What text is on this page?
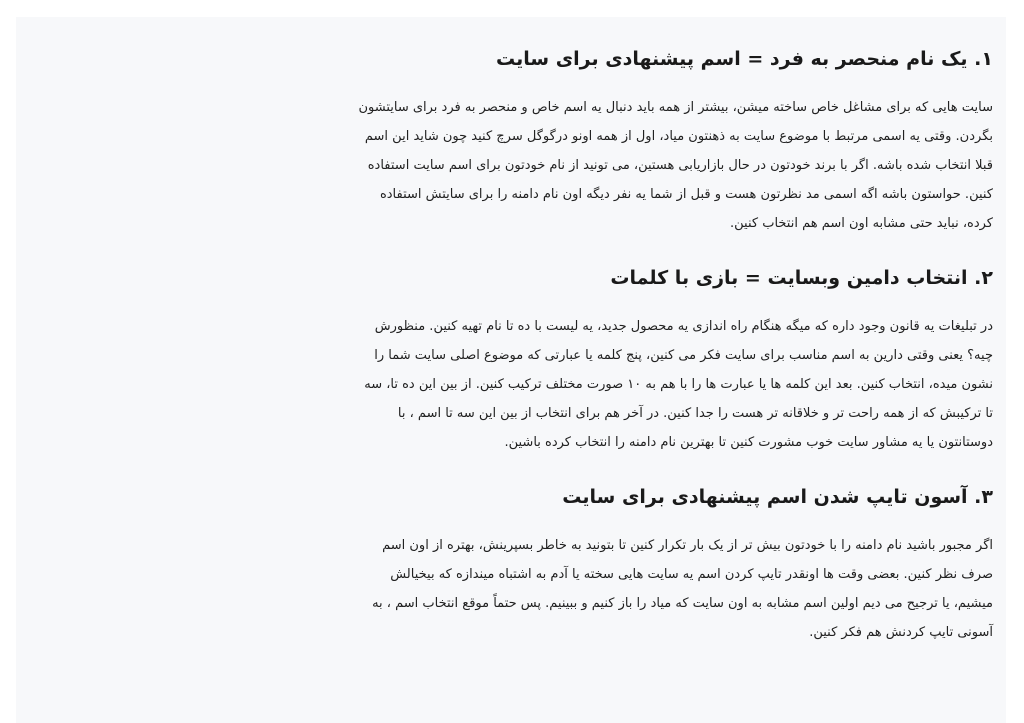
۱. یک نام منحصر به فرد = اسم پیشنهادی برای سایت

سایت هایی که برای مشاغل خاص ساخته میشن، بیشتر از همه باید دنبال یه اسم خاص و منحصر به فرد برای سایتشون بگردن. وقتی یه اسمی مرتبط با موضوع سایت به ذهنتون میاد، اول از همه اونو درگوگل سرچ کنید چون شاید این اسم قبلا انتخاب شده باشه. اگر با برند خودتون در حال بازاریابی هستین، می تونید از نام خودتون برای اسم سایت استفاده کنین. حواستون باشه اگه اسمی مد نظرتون هست و قبل از شما یه نفر دیگه اون نام دامنه را برای سایتش استفاده کرده، نباید حتی مشابه اون اسم هم انتخاب کنین.

۲. انتخاب دامین وبسایت = بازی با کلمات

در تبلیغات یه قانون وجود داره که میگه هنگام راه اندازی یه محصول جدید، یه لیست با ده تا نام تهیه کنین. منظورش چیه؟ یعنی وقتی دارین به اسم مناسب برای سایت فکر می کنین، پنج کلمه یا عبارتی که موضوع اصلی سایت شما را نشون میده، انتخاب کنین. بعد این کلمه ها یا عبارت ها را با هم به ۱۰ صورت مختلف ترکیب کنین. از بین این ده تا، سه تا ترکیبش که از همه راحت تر و خلاقانه تر هست را جدا کنین. در آخر هم برای انتخاب از بین این سه تا اسم ، با دوستانتون یا یه مشاور سایت خوب مشورت کنین تا بهترین نام دامنه را انتخاب کرده باشین.

۳. آسون تایپ شدن اسم پیشنهادی برای سایت

اگر مجبور باشید نام دامنه را با خودتون بیش تر از یک بار تکرار کنین تا بتونید به خاطر بسپرینش، بهتره از اون اسم صرف نظر کنین. بعضی وقت ها اونقدر تایپ کردن اسم یه سایت هایی سخته یا آدم به اشتباه میندازه که بیخیالش میشیم، یا ترجیح می دیم اولین اسم مشابه به اون سایت که میاد را باز کنیم و ببینیم. پس حتماً موقع انتخاب اسم ، به آسونی تایپ کردنش هم فکر کنین.
